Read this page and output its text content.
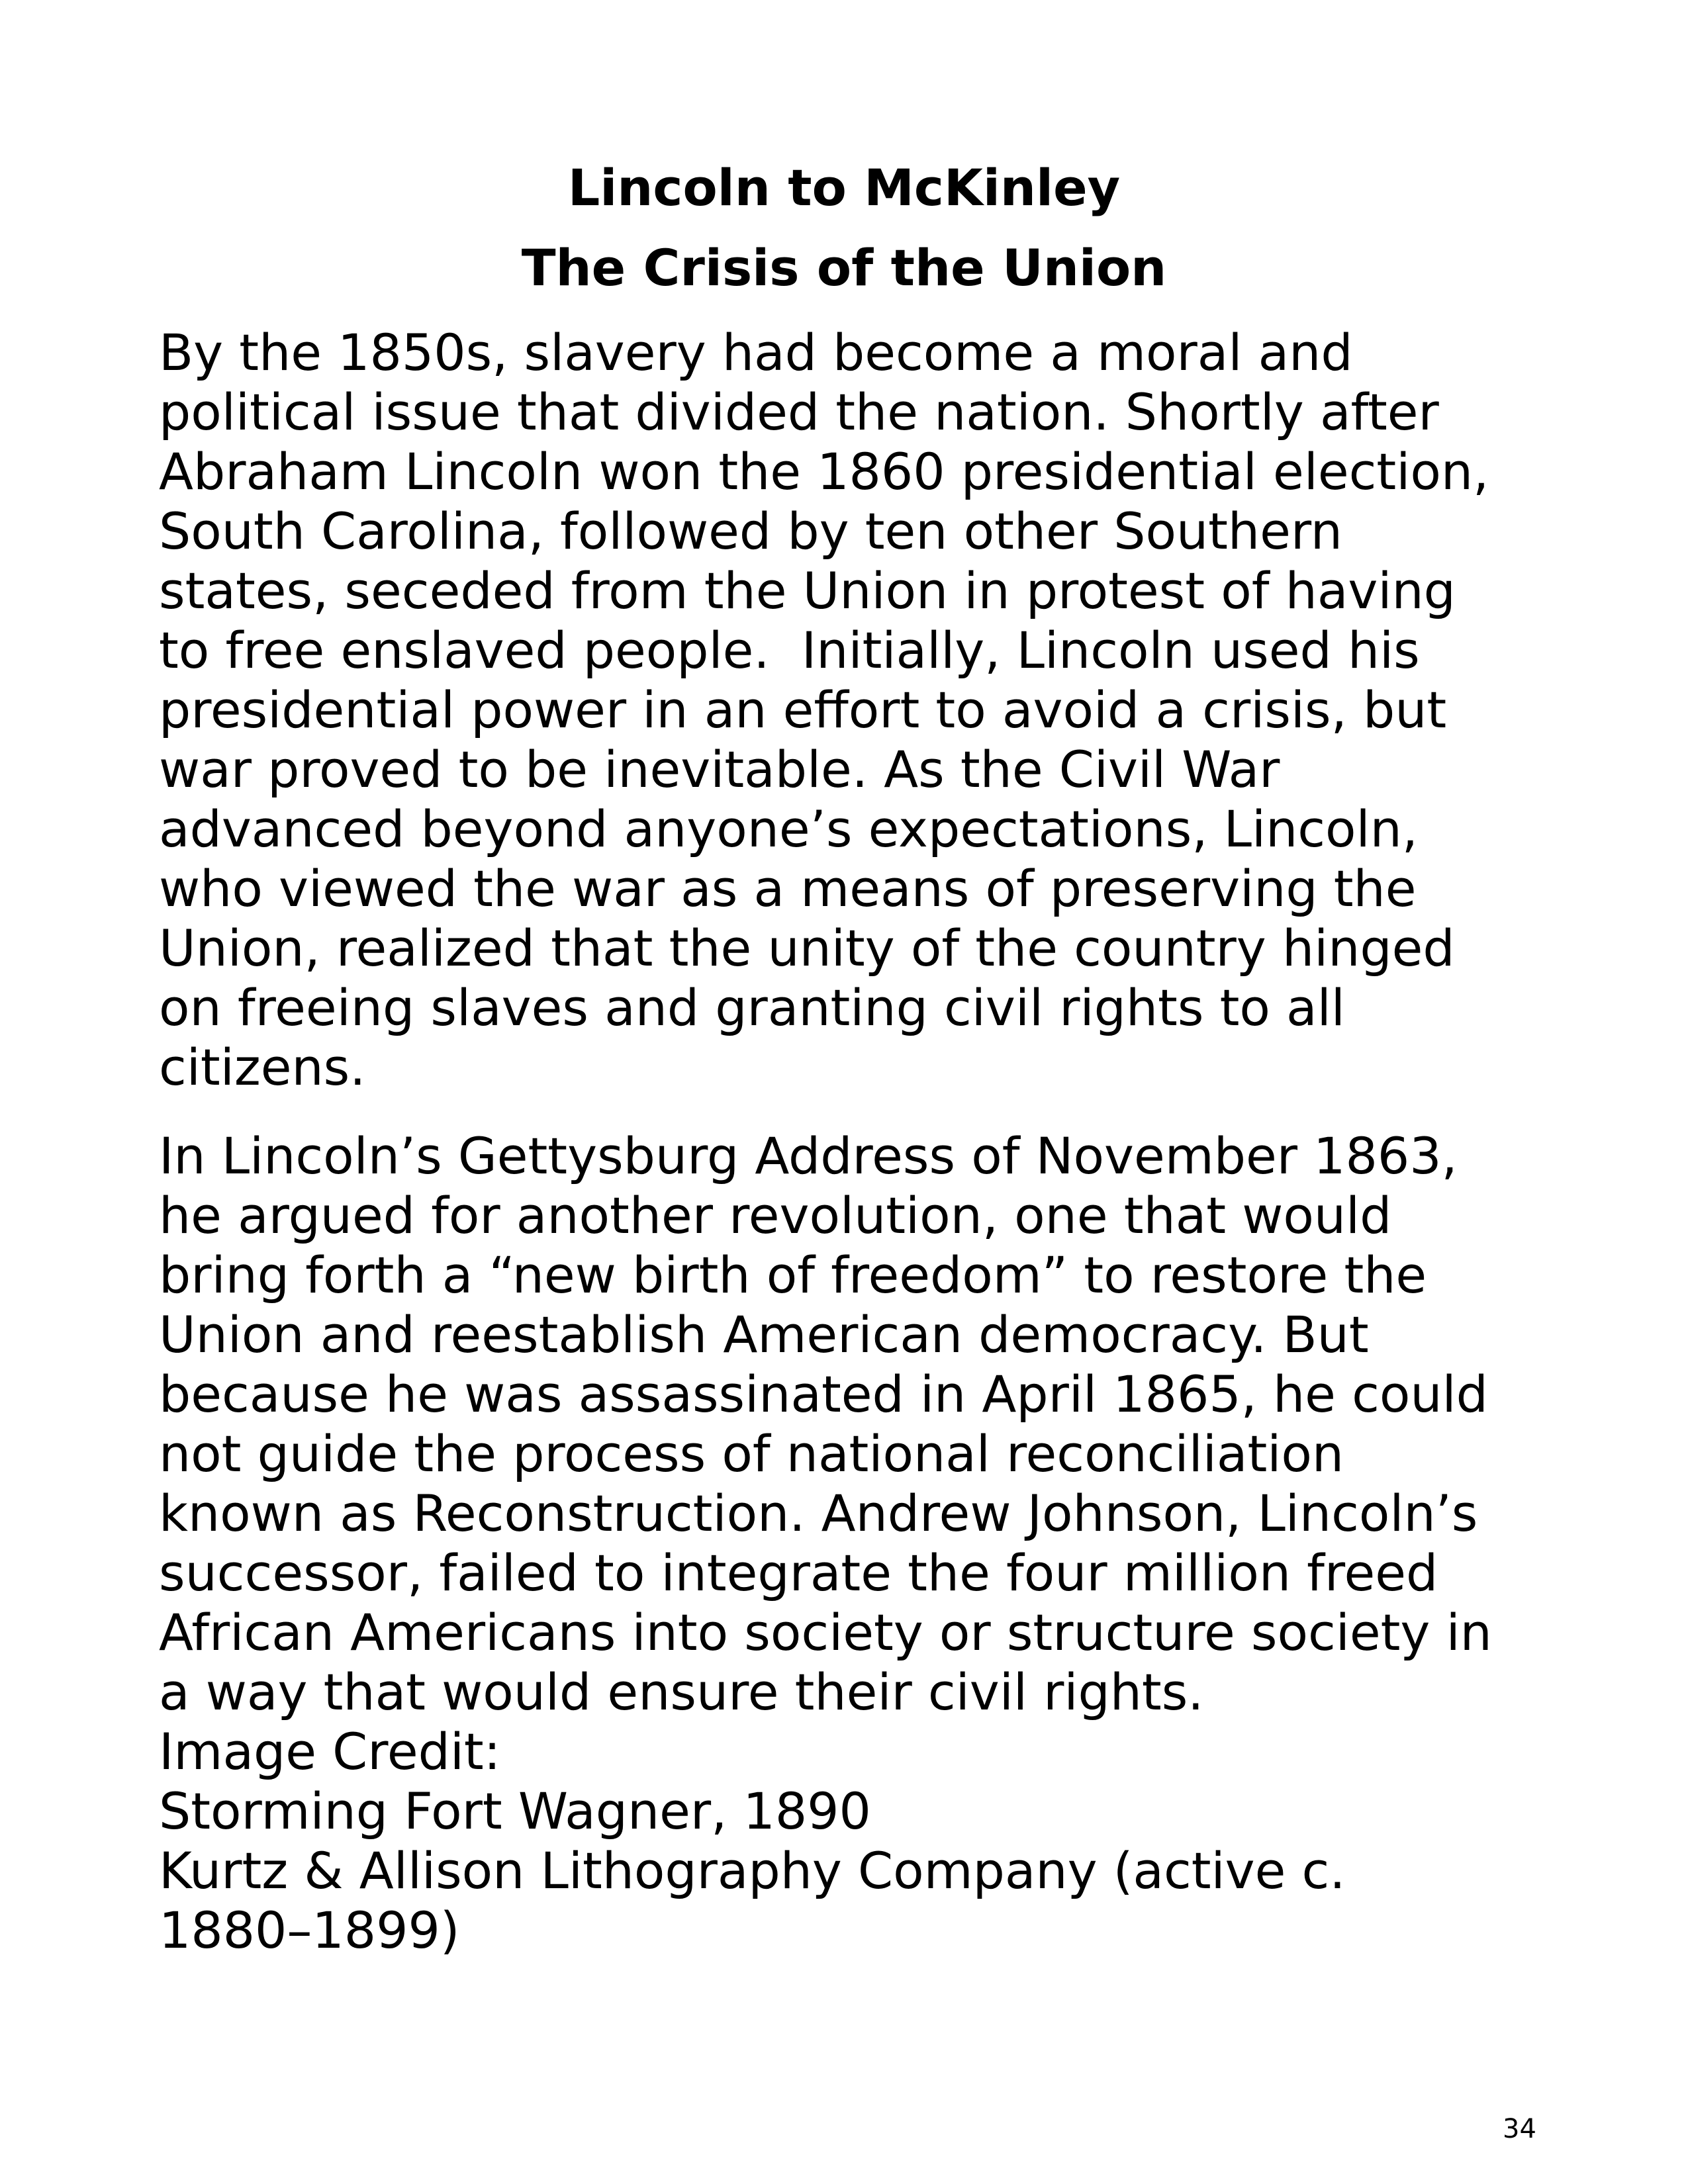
Lincoln to McKinley
The Crisis of the Union
By the 1850s, slavery had become a moral and
political issue that divided the nation. Shortly after
Abraham Lincoln won the 1860 presidential election,
South Carolina, followed by ten other Southern
states, seceded from the Union in protest of having
to free enslaved people.  Initially, Lincoln used his
presidential power in an effort to avoid a crisis, but
war proved to be inevitable. As the Civil War
advanced beyond anyone’s expectations, Lincoln,
who viewed the war as a means of preserving the
Union, realized that the unity of the country hinged
on freeing slaves and granting civil rights to all
citizens.
In Lincoln’s Gettysburg Address of November 1863,
he argued for another revolution, one that would
bring forth a “new birth of freedom” to restore the
Union and reestablish American democracy. But
because he was assassinated in April 1865, he could
not guide the process of national reconciliation
known as Reconstruction. Andrew Johnson, Lincoln’s
successor, failed to integrate the four million freed
African Americans into society or structure society in
a way that would ensure their civil rights.
Image Credit:
Storming Fort Wagner, 1890
Kurtz & Allison Lithography Company (active c.
1880–1899)
34
